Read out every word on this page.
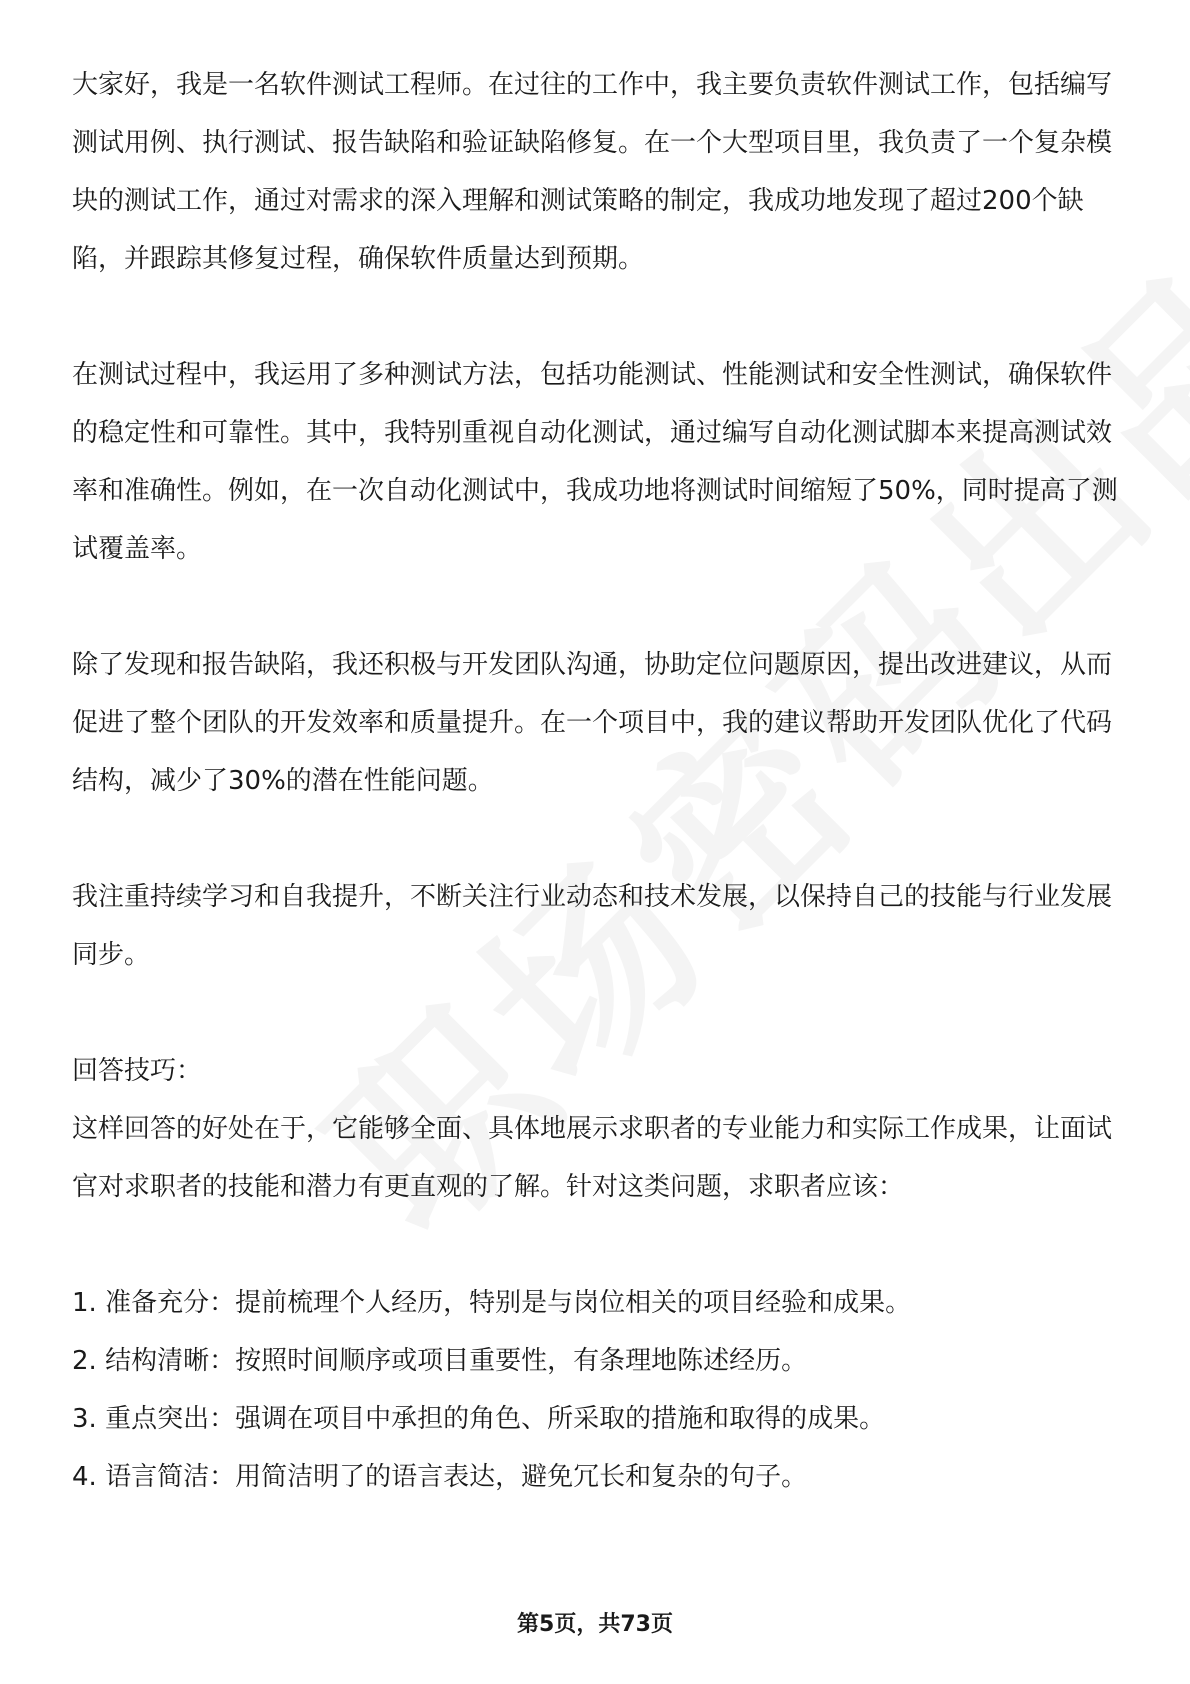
大家好，我是一名软件测试工程师。在过往的工作中，我主要负责软件测试工作，包括编写测试用例、执行测试、报告缺陷和验证缺陷修复。在一个大型项目里，我负责了一个复杂模块的测试工作，通过对需求的深入理解和测试策略的制定，我成功地发现了超过200个缺陷，并跟踪其修复过程，确保软件质量达到预期。

在测试过程中，我运用了多种测试方法，包括功能测试、性能测试和安全性测试，确保软件的稳定性和可靠性。其中，我特别重视自动化测试，通过编写自动化测试脚本来提高测试效率和准确性。例如，在一次自动化测试中，我成功地将测试时间缩短了50%，同时提高了测试覆盖率。

除了发现和报告缺陷，我还积极与开发团队沟通，协助定位问题原因，提出改进建议，从而促进了整个团队的开发效率和质量提升。在一个项目中，我的建议帮助开发团队优化了代码结构，减少了30%的潜在性能问题。

我注重持续学习和自我提升，不断关注行业动态和技术发展，以保持自己的技能与行业发展同步。

回答技巧：

这样回答的好处在于，它能够全面、具体地展示求职者的专业能力和实际工作成果，让面试官对求职者的技能和潜力有更直观的了解。针对这类问题，求职者应该：

1. 准备充分：提前梳理个人经历，特别是与岗位相关的项目经验和成果。
2. 结构清晰：按照时间顺序或项目重要性，有条理地陈述经历。
3. 重点突出：强调在项目中承担的角色、所采取的措施和取得的成果。
4. 语言简洁：用简洁明了的语言表达，避免冗长和复杂的句子。
第5页，共73页
